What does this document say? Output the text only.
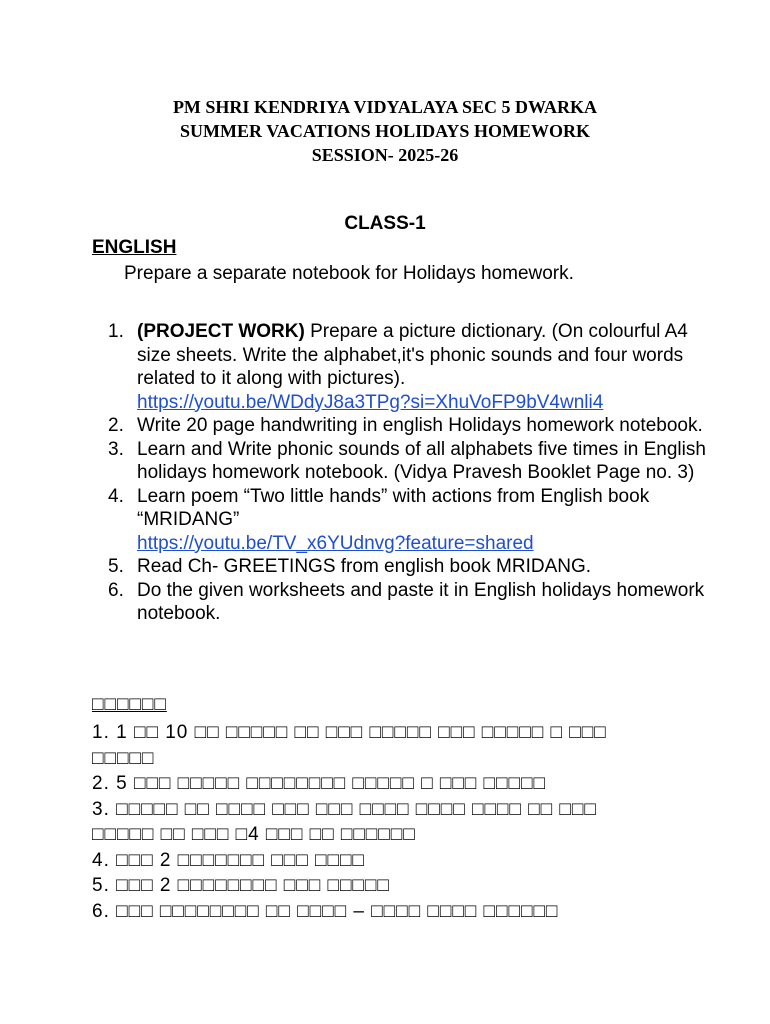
PM SHRI KENDRIYA VIDYALAYA SEC 5 DWARKA
SUMMER VACATIONS HOLIDAYS HOMEWORK
SESSION- 2025-26
CLASS-1
ENGLISH
Prepare a separate notebook for Holidays homework.
1. (PROJECT WORK) Prepare a picture dictionary. (On colourful A4 size sheets. Write the alphabet,it's phonic sounds and four words related to it along with pictures).
https://youtu.be/WDdyJ8a3TPg?si=XhuVoFP9bV4wnli4
2. Write 20 page handwriting in english Holidays homework notebook.
3. Learn and Write phonic sounds of all alphabets five times in English holidays homework notebook. (Vidya Pravesh Booklet Page no. 3)
4. Learn poem “Two little hands” with actions from English book “MRIDANG”
https://youtu.be/TV_x6YUdnvg?feature=shared
5. Read Ch- GREETINGS from english book MRIDANG.
6. Do the given worksheets and paste it in English holidays homework notebook.
□□□□□□
1. 1 □□ 10 □□ □□□□□ □□ □□□ □□□□□ □□□ □□□□□ □ □□□
□□□□□
2. 5 □□□ □□□□□ □□□□□□□□ □□□□□ □ □□□ □□□□□
3. □□□□□ □□ □□□□ □□□ □□□ □□□□ □□□□ □□□□ □□ □□□
□□□□□ □□ □□□ □4 □□□ □□ □□□□□□
4. □□□ 2 □□□□□□□ □□□ □□□□
5. □□□ 2 □□□□□□□□ □□□ □□□□□
6. □□□ □□□□□□□□ □□ □□□□ – □□□□ □□□□ □□□□□□
